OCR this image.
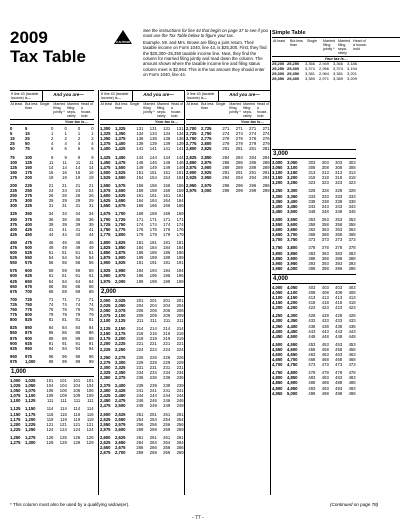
2009
Tax Table
CAUTION
See the instructions for line 44 that begin on page 37 to see if you must use the Tax Table below to figure your tax.
Example. Mr. and Mrs. Brown are filing a joint return. Their taxable income on Form 1040, line 43, is $25,300. First, they find the $25,300–25,350 taxable income line. Next, they find the column for married filing jointly and read down the column. The amount shown where the taxable income line and filing status column meet is $2,964. This is the tax amount they should enter on Form 1040, line 44.
Simple Table
At least	But less than
Single	Married filing jointly *
Married filing sepa-rately
Head of a house-hold
Your tax is—
25,200 25,250	3,366 2,949 3,366 3,186
25,250 25,300	3,374 2,956 3,374 3,194
25,300 25,350	3,381 2,964 3,381 3,201
25,350 25,400	3,389 2,971 3,389 3,209
If line 43 (taxable income) is—
And you are—
At least But less than
Single	Married filing jointly *
Married filing sepa-rately
Head of a house-hold
Your tax is—
0	5	0	0	0	0
5	15	1	1	1	1
15	25	2	2	2	2
25	50	4	4	4	4
50	75	6	6	6	6
75	100	9	9	9	9
100	125	11	11	11	11
125	150	14	14	14	14
150	175	16	16	16	16
175	200	19	19	19	19
200	225	21	21	21	21
225	250	24	24	24	24
250	275	26	26	26	26
275	300	29	29	29	29
300	325	31	31	31	31
325	350	34	34	34	34
350	375	36	36	36	36
375	400	39	39	39	39
400	425	41	41	41	41
425	450	44	44	44	44
450	475	46	46	46	46
475	500	49	49	49	49
500	525	51	51	51	51
525	550	54	54	54	54
550	575	56	56	56	56
575	600	59	59	59	59
600	625	61	61	61	61
625	650	64	64	64	64
650	675	66	66	66	66
675	700	69	69	69	69
700	725	71	71	71	71
725	750	74	74	74	74
750	775	76	76	76	76
775	800	79	79	79	79
800	825	81	81	81	81
825	850	84	84	84	84
850	875	86	86	86	86
875	900	89	89	89	89
900	925	91	91	91	91
925	950	94	94	94	94
950	975	96	96	96	96
975	1,000	99	99	99	99
1,000
1,000	1,025	101	101	101	101
1,025	1,050	104	104	104	104
1,050	1,075	106	106	106	106
1,075	1,100	109	109	109	109
1,100	1,125	111	111	111	111
1,125	1,150	114	114	114	114
1,150	1,175	116	116	116	116
1,175	1,200	119	119	119	119
1,200	1,225	121	121	121	121
1,225	1,250	124	124	124	124
1,250	1,275	126	126	126	126
1,275	1,300	129	129	129	129
If line 43 (taxable income) is—
And you are—
At least But less than
Single	Married filing jointly *
Married filing sepa-rately
Head of a house-hold
Your tax is—
1,300	1,325	131	131	131	131
1,325	1,350	134	134	134	134
1,350	1,375	136	136	136	136
1,375	1,400	139	139	139	139
1,400	1,425	141	141	141	141
1,425	1,450	144	144	144	144
1,450	1,475	146	146	146	146
1,475	1,500	149	149	149	149
1,500	1,525	151	151	151	151
1,525	1,550	154	154	154	154
1,550	1,575	156	156	156	156
1,575	1,600	159	159	159	159
1,600	1,625	161	161	161	161
1,625	1,650	164	164	164	164
1,650	1,675	166	166	166	166
1,675	1,700	169	169	169	169
1,700	1,725	171	171	171	171
1,725	1,750	174	174	174	174
1,750	1,775	176	176	176	176
1,775	1,800	179	179	179	179
1,800	1,825	181	181	181	181
1,825	1,850	184	184	184	184
1,850	1,875	186	186	186	186
1,875	1,900	189	189	189	189
1,900	1,925	191	191	191	191
1,925	1,950	194	194	194	194
1,950	1,975	196	196	196	196
1,975	2,000	199	199	199	199
2,000
2,000	2,025	201	201	201	201
2,025	2,050	204	204	204	204
2,050	2,075	206	206	206	206
2,075	2,100	209	209	209	209
2,100	2,125	211	211	211	211
2,125	2,150	214	214	214	214
2,150	2,175	216	216	216	216
2,175	2,200	219	219	219	219
2,200	2,225	221	221	221	221
2,225	2,250	224	224	224	224
2,250	2,275	226	226	226	226
2,275	2,300	229	229	229	229
2,300	2,325	231	231	231	231
2,325	2,350	234	234	234	234
2,350	2,375	236	236	236	236
2,375	2,400	239	239	239	239
2,400	2,425	241	241	241	241
2,425	2,450	244	244	244	244
2,450	2,475	246	246	246	246
2,475	2,500	249	249	249	249
2,500	2,525	251	251	251	251
2,525	2,550	254	254	254	254
2,550	2,575	256	256	256	256
2,575	2,600	259	259	259	259
2,600	2,625	261	261	261	261
2,625	2,650	264	264	264	264
2,650	2,675	266	266	266	266
2,675	2,700	269	269	269	269
If line 43 (taxable income) is—
And you are—
At least But less than
Single	Married filing jointly *
Married filing sepa-rately
Head of a house-hold
Your tax is—
2,700	2,725	271	271	271	271
2,725	2,750	274	274	274	274
2,750	2,775	276	276	276	276
2,775	2,800	279	279	279	279
2,800	2,825	281	281	281	281
2,825	2,850	284	284	284	284
2,850	2,875	286	286	286	286
2,875	2,900	289	289	289	289
2,900	2,925	291	291	291	291
2,925	2,950	294	294	294	294
2,950	2,975	296	296	296	296
2,975	3,000	299	299	299	299
3,000
3,000	3,050	303	303	303	303
3,050	3,100	308	308	308	308
3,100	3,150	313	313	313	313
3,150	3,200	318	318	318	318
3,200	3,250	323	323	323	323
3,250	3,300	328	328	328	328
3,300	3,350	333	333	333	333
3,350	3,400	338	338	338	338
3,400	3,450	343	343	343	343
3,450	3,500	348	348	348	348
3,500	3,550	353	353	353	353
3,550	3,600	358	358	358	358
3,600	3,650	363	363	363	363
3,650	3,700	368	368	368	368
3,700	3,750	373	373	373	373
3,750	3,800	378	378	378	378
3,800	3,850	383	383	383	383
3,850	3,900	388	388	388	388
3,900	3,950	393	393	393	393
3,950	4,000	398	398	398	398
4,000
4,000	4,050	403	403	403	403
4,050	4,100	408	408	408	408
4,100	4,150	413	413	413	413
4,150	4,200	418	418	418	418
4,200	4,250	423	423	423	423
4,250	4,300	428	428	428	428
4,300	4,350	433	433	433	433
4,350	4,400	438	438	438	438
4,400	4,450	443	443	443	443
4,450	4,500	448	448	448	448
4,500	4,550	453	453	453	453
4,550	4,600	458	458	458	458
4,600	4,650	463	463	463	463
4,650	4,700	468	468	468	468
4,700	4,750	473	473	473	473
4,750	4,800	478	478	478	478
4,800	4,850	483	483	483	483
4,850	4,900	488	488	488	488
4,900	4,950	493	493	493	493
4,950	5,000	498	498	498	498
* This column must also be used by a qualifying widow(er).	(Continued on page 78)
- 77 -
